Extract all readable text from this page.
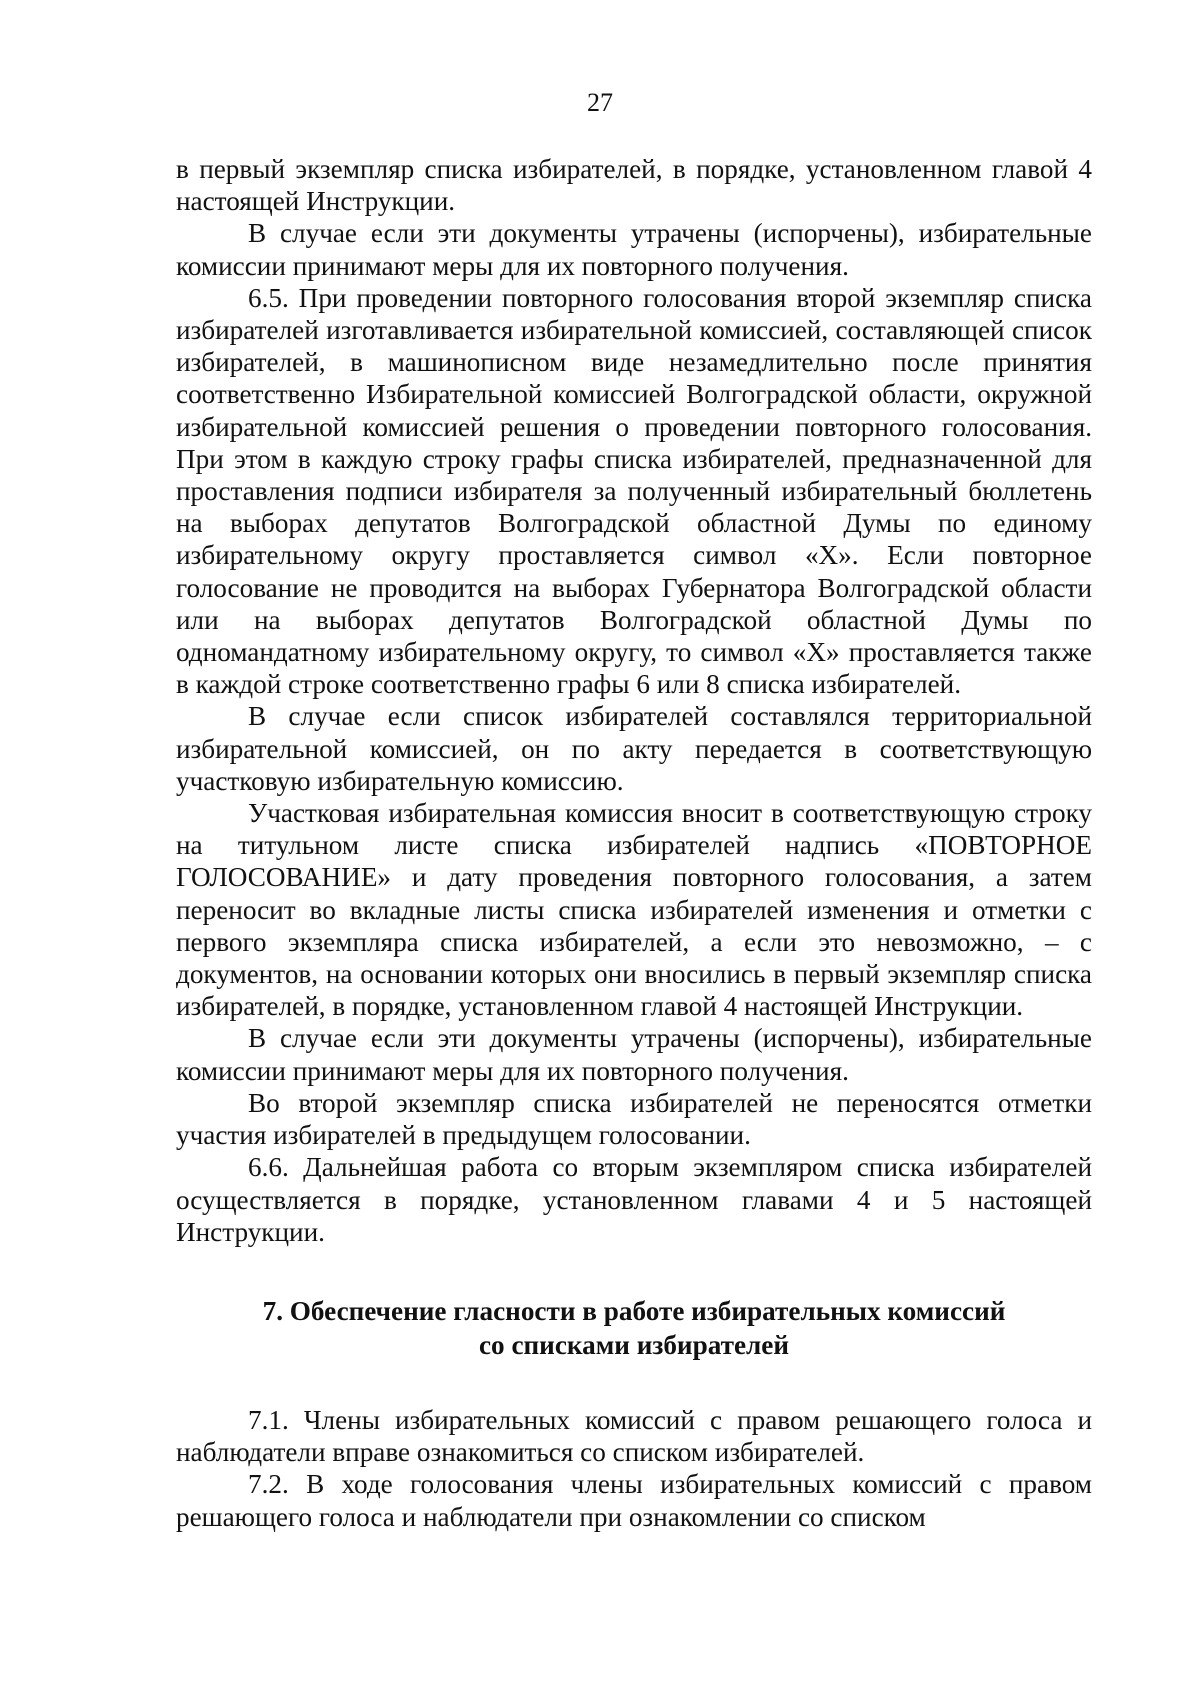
27

в первый экземпляр списка избирателей, в порядке, установленном главой 4 настоящей Инструкции.

В случае если эти документы утрачены (испорчены), избирательные комиссии принимают меры для их повторного получения.

6.5. При проведении повторного голосования второй экземпляр списка избирателей изготавливается избирательной комиссией, составляющей список избирателей, в машинописном виде незамедлительно после принятия соответственно Избирательной комиссией Волгоградской области, окружной избирательной комиссией решения о проведении повторного голосования. При этом в каждую строку графы списка избирателей, предназначенной для проставления подписи избирателя за полученный избирательный бюллетень на выборах депутатов Волгоградской областной Думы по единому избирательному округу проставляется символ «Х». Если повторное голосование не проводится на выборах Губернатора Волгоградской области или на выборах депутатов Волгоградской областной Думы по одномандатному избирательному округу, то символ «Х» проставляется также в каждой строке соответственно графы 6 или 8 списка избирателей.

В случае если список избирателей составлялся территориальной избирательной комиссией, он по акту передается в соответствующую участковую избирательную комиссию.

Участковая избирательная комиссия вносит в соответствующую строку на титульном листе списка избирателей надпись «ПОВТОРНОЕ ГОЛОСОВАНИЕ» и дату проведения повторного голосования, а затем переносит во вкладные листы списка избирателей изменения и отметки с первого экземпляра списка избирателей, а если это невозможно, – с документов, на основании которых они вносились в первый экземпляр списка избирателей, в порядке, установленном главой 4 настоящей Инструкции.

В случае если эти документы утрачены (испорчены), избирательные комиссии принимают меры для их повторного получения.

Во второй экземпляр списка избирателей не переносятся отметки участия избирателей в предыдущем голосовании.

6.6. Дальнейшая работа со вторым экземпляром списка избирателей осуществляется в порядке, установленном главами 4 и 5 настоящей Инструкции.

7. Обеспечение гласности в работе избирательных комиссий
со списками избирателей

7.1. Члены избирательных комиссий с правом решающего голоса и наблюдатели вправе ознакомиться со списком избирателей.

7.2. В ходе голосования члены избирательных комиссий с правом решающего голоса и наблюдатели при ознакомлении со списком
